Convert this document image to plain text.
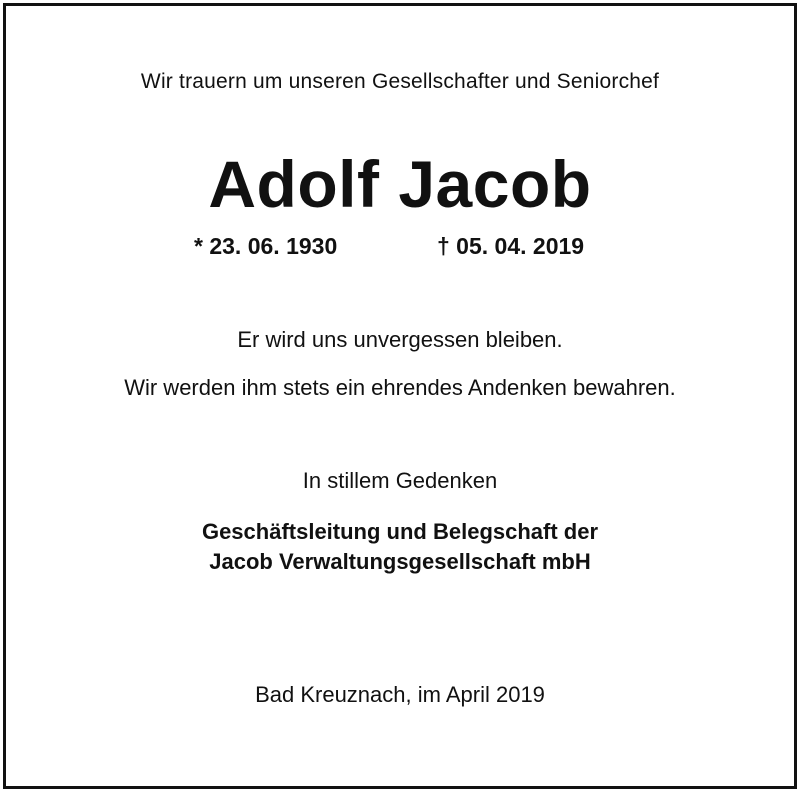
Wir trauern um unseren Gesellschafter und Seniorchef
Adolf Jacob
* 23. 06. 1930	† 05. 04. 2019
Er wird uns unvergessen bleiben.
Wir werden ihm stets ein ehrendes Andenken bewahren.
In stillem Gedenken
Geschäftsleitung und Belegschaft der
Jacob Verwaltungsgesellschaft mbH
Bad Kreuznach, im April 2019
